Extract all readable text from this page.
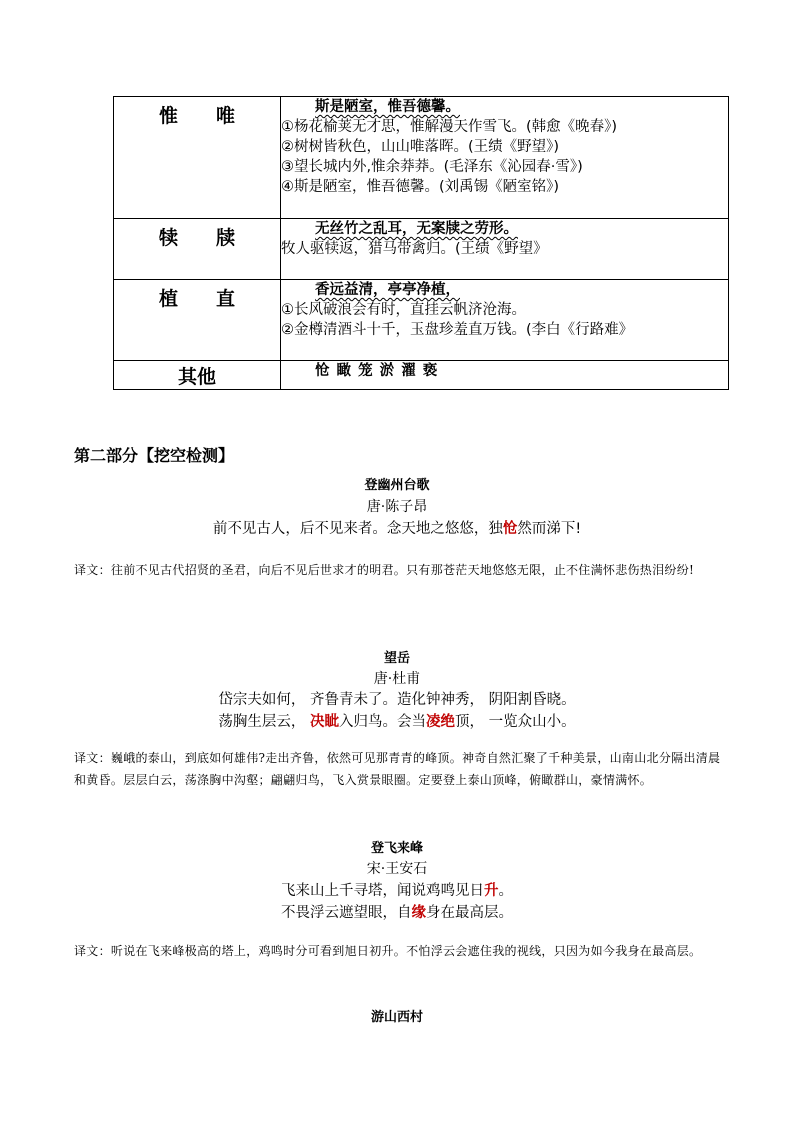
惟　　唯	斯是陋室，惟吾德馨。
①杨花榆荚无才思，惟解漫天作雪飞。(韩愈《晚春》)
②树树皆秋色，山山唯落晖。(王绩《野望》)
③望长城内外,惟余莽莽。(毛泽东《沁园春·雪》)
④斯是陋室，惟吾德馨。(刘禹锡《陋室铭》)

犊　　牍	无丝竹之乱耳，无案牍之劳形。
牧人驱犊返，猎马带禽归。(王绩《野望》

植　　直	香远益清，亭亭净植，
①长风破浪会有时，直挂云帆济沧海。
②金樽清酒斗十千，玉盘珍羞直万钱。(李白《行路难》

其他	怆 瞰 笼 淤 濯 亵
第二部分【挖空检测】
登幽州台歌
唐·陈子昂
前不见古人，后不见来者。念天地之悠悠，独怆然而涕下!
译文：往前不见古代招贤的圣君，向后不见后世求才的明君。只有那苍茫天地悠悠无限，止不住满怀悲伤热泪纷纷!
望岳
唐·杜甫
岱宗夫如何， 齐鲁青未了。造化钟神秀， 阴阳割昏晓。
荡胸生层云， 决眦入归鸟。会当凌绝顶， 一览众山小。
译文：巍峨的泰山，到底如何雄伟?走出齐鲁，依然可见那青青的峰顶。神奇自然汇聚了千种美景，山南山北分隔出清晨和黄昏。层层白云，荡涤胸中沟壑；翩翩归鸟，飞入赏景眼圈。定要登上泰山顶峰，俯瞰群山，豪情满怀。
登飞来峰
宋·王安石
飞来山上千寻塔，闻说鸡鸣见日升。
不畏浮云遮望眼，自缘身在最高层。
译文：听说在飞来峰极高的塔上，鸡鸣时分可看到旭日初升。不怕浮云会遮住我的视线，只因为如今我身在最高层。
游山西村
